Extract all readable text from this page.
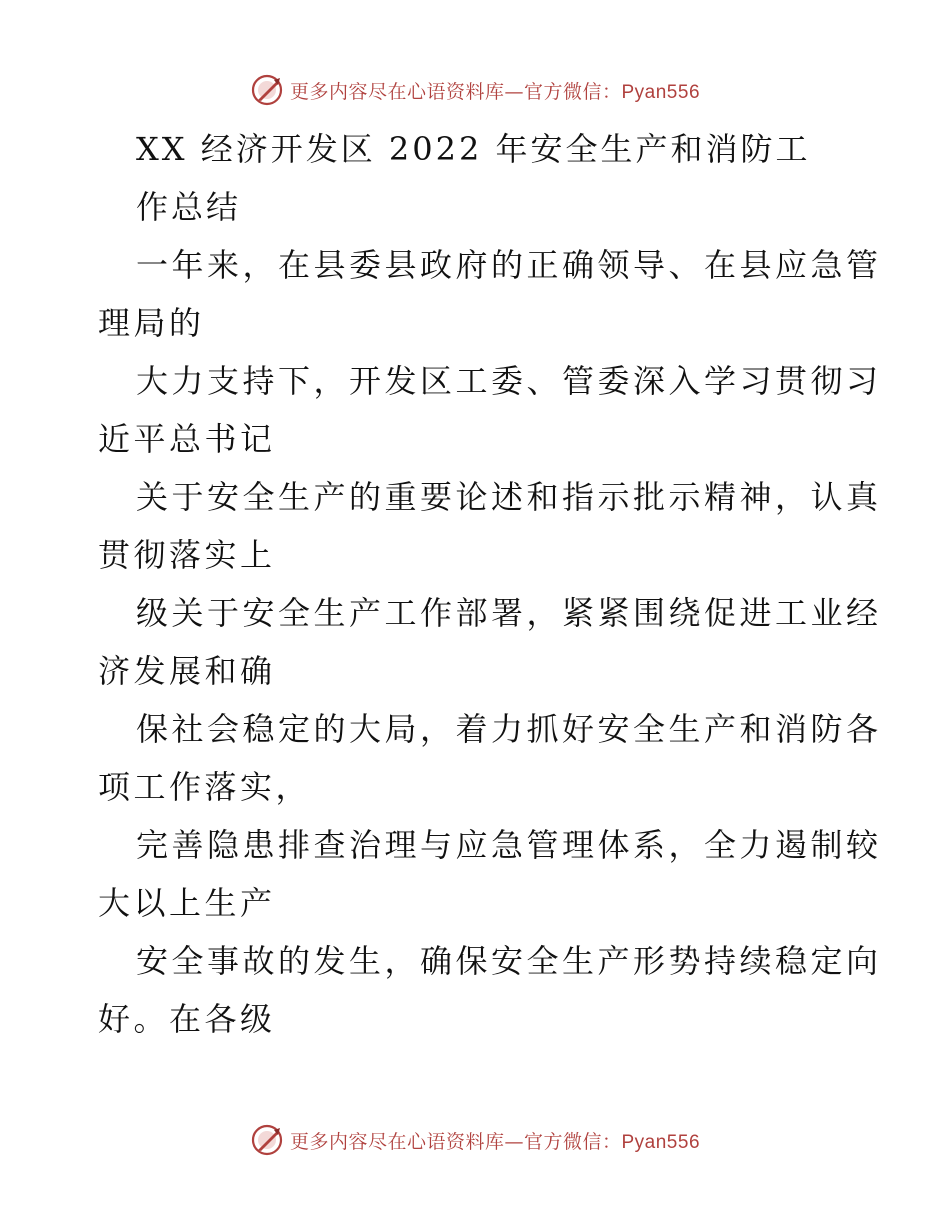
更多内容尽在心语资料库—官方微信：Pyan556
XX 经济开发区 2022 年安全生产和消防工
作总结
一年来，在县委县政府的正确领导、在县应急管
理局的
大力支持下，开发区工委、管委深入学习贯彻习
近平总书记
关于安全生产的重要论述和指示批示精神，认真
贯彻落实上
级关于安全生产工作部署，紧紧围绕促进工业经
济发展和确
保社会稳定的大局，着力抓好安全生产和消防各
项工作落实，
完善隐患排查治理与应急管理体系，全力遏制较
大以上生产
安全事故的发生，确保安全生产形势持续稳定向
好。在各级
更多内容尽在心语资料库—官方微信：Pyan556
